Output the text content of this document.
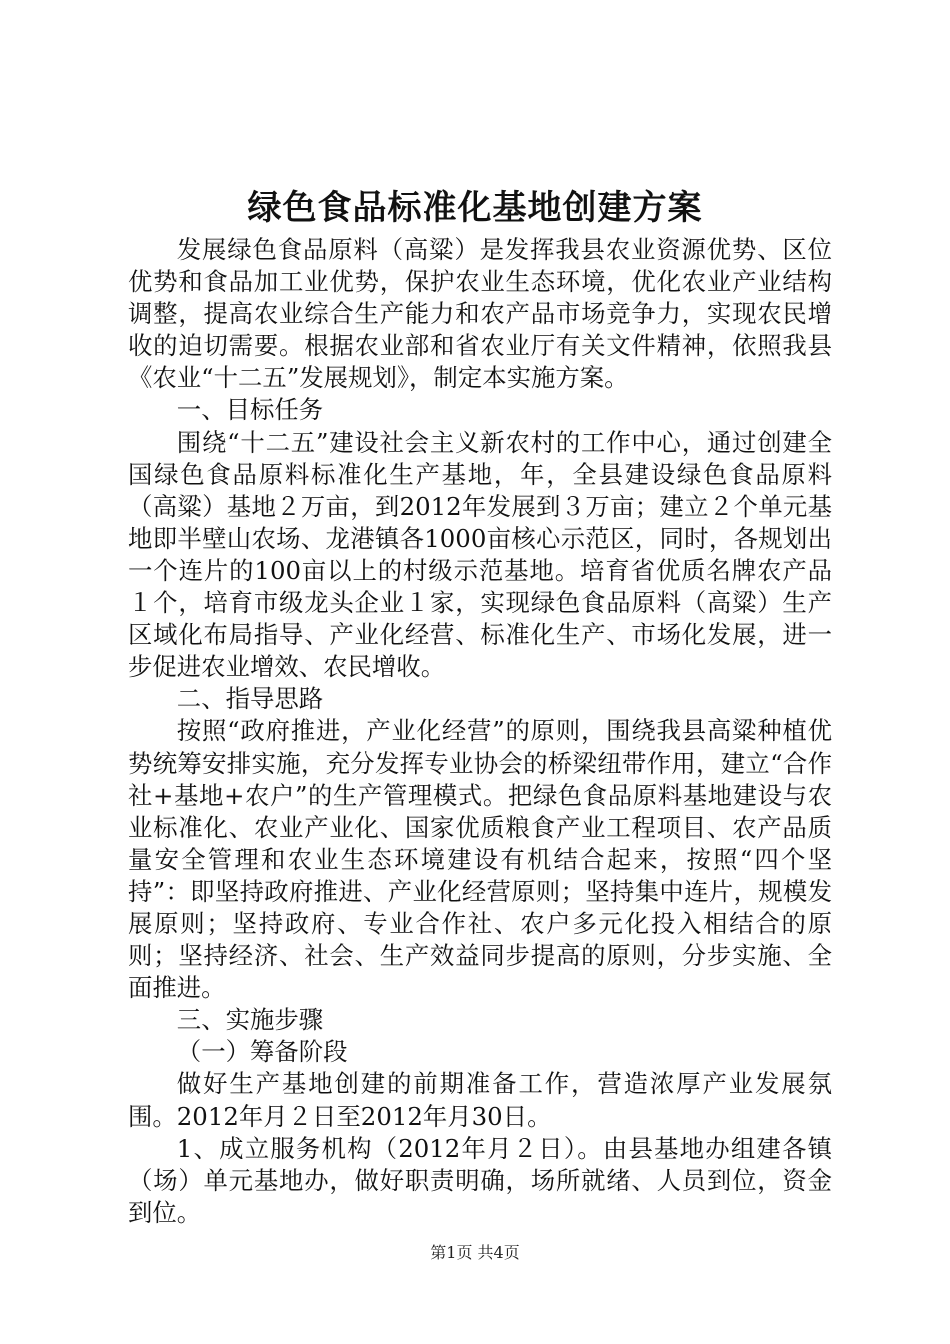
绿色食品标准化基地创建方案

发展绿色食品原料（高粱）是发挥我县农业资源优势、区位优势和食品加工业优势，保护农业生态环境，优化农业产业结构调整，提高农业综合生产能力和农产品市场竞争力，实现农民增收的迫切需要。根据农业部和省农业厅有关文件精神，依照我县《农业“十二五”发展规划》，制定本实施方案。

一、目标任务

围绕“十二五”建设社会主义新农村的工作中心，通过创建全国绿色食品原料标准化生产基地，年，全县建设绿色食品原料（高粱）基地２万亩，到2012年发展到３万亩；建立２个单元基地即半壁山农场、龙港镇各1000亩核心示范区，同时，各规划出一个连片的100亩以上的村级示范基地。培育省优质名牌农产品１个，培育市级龙头企业１家，实现绿色食品原料（高粱）生产区域化布局指导、产业化经营、标准化生产、市场化发展，进一步促进农业增效、农民增收。

二、指导思路

按照“政府推进，产业化经营”的原则，围绕我县高粱种植优势统筹安排实施，充分发挥专业协会的桥梁纽带作用，建立“合作社+基地+农户”的生产管理模式。把绿色食品原料基地建设与农业标准化、农业产业化、国家优质粮食产业工程项目、农产品质量安全管理和农业生态环境建设有机结合起来，按照“四个坚持”：即坚持政府推进、产业化经营原则；坚持集中连片，规模发展原则；坚持政府、专业合作社、农户多元化投入相结合的原则；坚持经济、社会、生产效益同步提高的原则，分步实施、全面推进。

三、实施步骤

（一）筹备阶段

做好生产基地创建的前期准备工作，营造浓厚产业发展氛围。2012年月２日至2012年月30日。

1、成立服务机构（2012年月２日）。由县基地办组建各镇（场）单元基地办，做好职责明确，场所就绪、人员到位，资金到位。

第1页 共4页
